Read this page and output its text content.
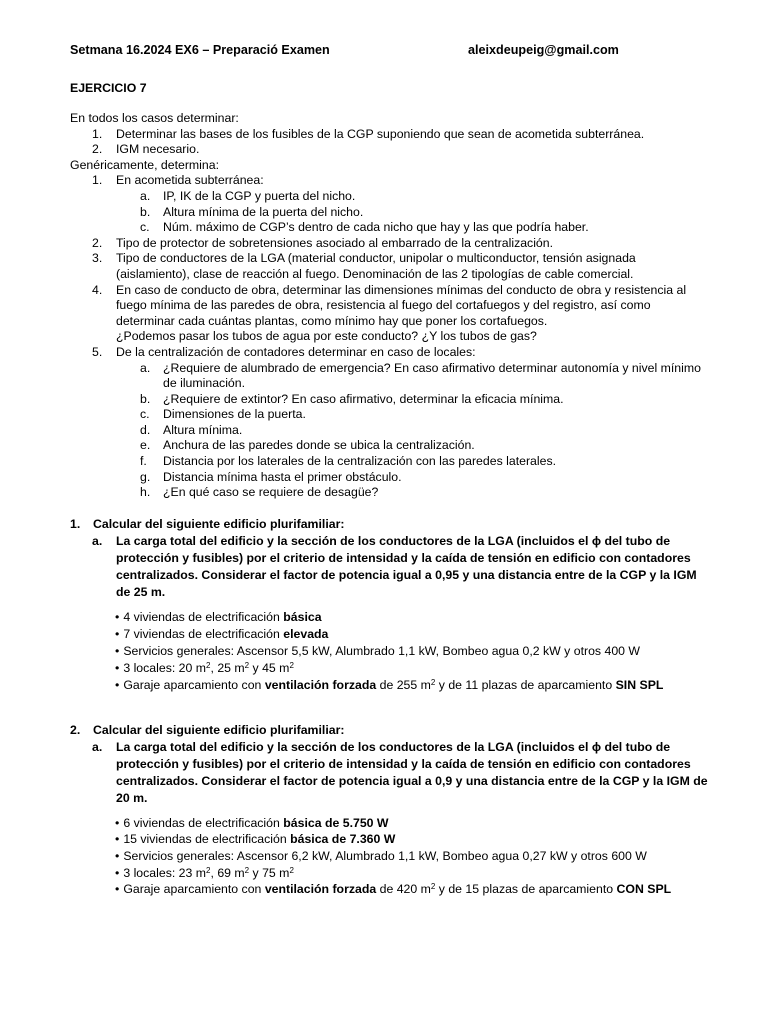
Setmana 16.2024 EX6 – Preparació Examen	aleixdeupeig@gmail.com
EJERCICIO 7
En todos los casos determinar:
1. Determinar las bases de los fusibles de la CGP suponiendo que sean de acometida subterránea.
2. IGM necesario.
Genéricamente, determina:
1. En acometida subterránea:
a. IP, IK de la CGP y puerta del nicho.
b. Altura mínima de la puerta del nicho.
c. Núm. máximo de CGP’s dentro de cada nicho que hay y las que podría haber.
2. Tipo de protector de sobretensiones asociado al embarrado de la centralización.
3. Tipo de conductores de la LGA (material conductor, unipolar o multiconductor, tensión asignada (aislamiento), clase de reacción al fuego. Denominación de las 2 tipologías de cable comercial.
4. En caso de conducto de obra, determinar las dimensiones mínimas del conducto de obra y resistencia al fuego mínima de las paredes de obra, resistencia al fuego del cortafuegos y del registro, así como determinar cada cuántas plantas, como mínimo hay que poner los cortafuegos.
¿Podemos pasar los tubos de agua por este conducto? ¿Y los tubos de gas?
5. De la centralización de contadores determinar en caso de locales:
a. ¿Requiere de alumbrado de emergencia? En caso afirmativo determinar autonomía y nivel mínimo de iluminación.
b. ¿Requiere de extintor? En caso afirmativo, determinar la eficacia mínima.
c. Dimensiones de la puerta.
d. Altura mínima.
e. Anchura de las paredes donde se ubica la centralización.
f. Distancia por los laterales de la centralización con las paredes laterales.
g. Distancia mínima hasta el primer obstáculo.
h. ¿En qué caso se requiere de desagüe?
1. Calcular del siguiente edificio plurifamiliar:
a. La carga total del edificio y la sección de los conductores de la LGA (incluidos el ϕ del tubo de protección y fusibles) por el criterio de intensidad y la caída de tensión en edificio con contadores centralizados. Considerar el factor de potencia igual a 0,95 y una distancia entre de la CGP y la IGM de 25 m.
• 4 viviendas de electrificación básica
• 7 viviendas de electrificación elevada
• Servicios generales: Ascensor 5,5 kW, Alumbrado 1,1 kW, Bombeo agua 0,2 kW y otros 400 W
• 3 locales: 20 $m^2$, 25 $m^2$ y 45 $m^2$
• Garaje aparcamiento con ventilación forzada de 255 $m^2$ y de 11 plazas de aparcamiento SIN SPL
2. Calcular del siguiente edificio plurifamiliar:
a. La carga total del edificio y la sección de los conductores de la LGA (incluidos el ϕ del tubo de protección y fusibles) por el criterio de intensidad y la caída de tensión en edificio con contadores centralizados. Considerar el factor de potencia igual a 0,9 y una distancia entre de la CGP y la IGM de 20 m.
• 6 viviendas de electrificación básica de 5.750 W
• 15 viviendas de electrificación básica de 7.360 W
• Servicios generales: Ascensor 6,2 kW, Alumbrado 1,1 kW, Bombeo agua 0,27 kW y otros 600 W
• 3 locales: 23 $m^2$, 69 $m^2$ y 75 $m^2$
• Garaje aparcamiento con ventilación forzada de 420 $m^2$ y de 15 plazas de aparcamiento CON SPL
